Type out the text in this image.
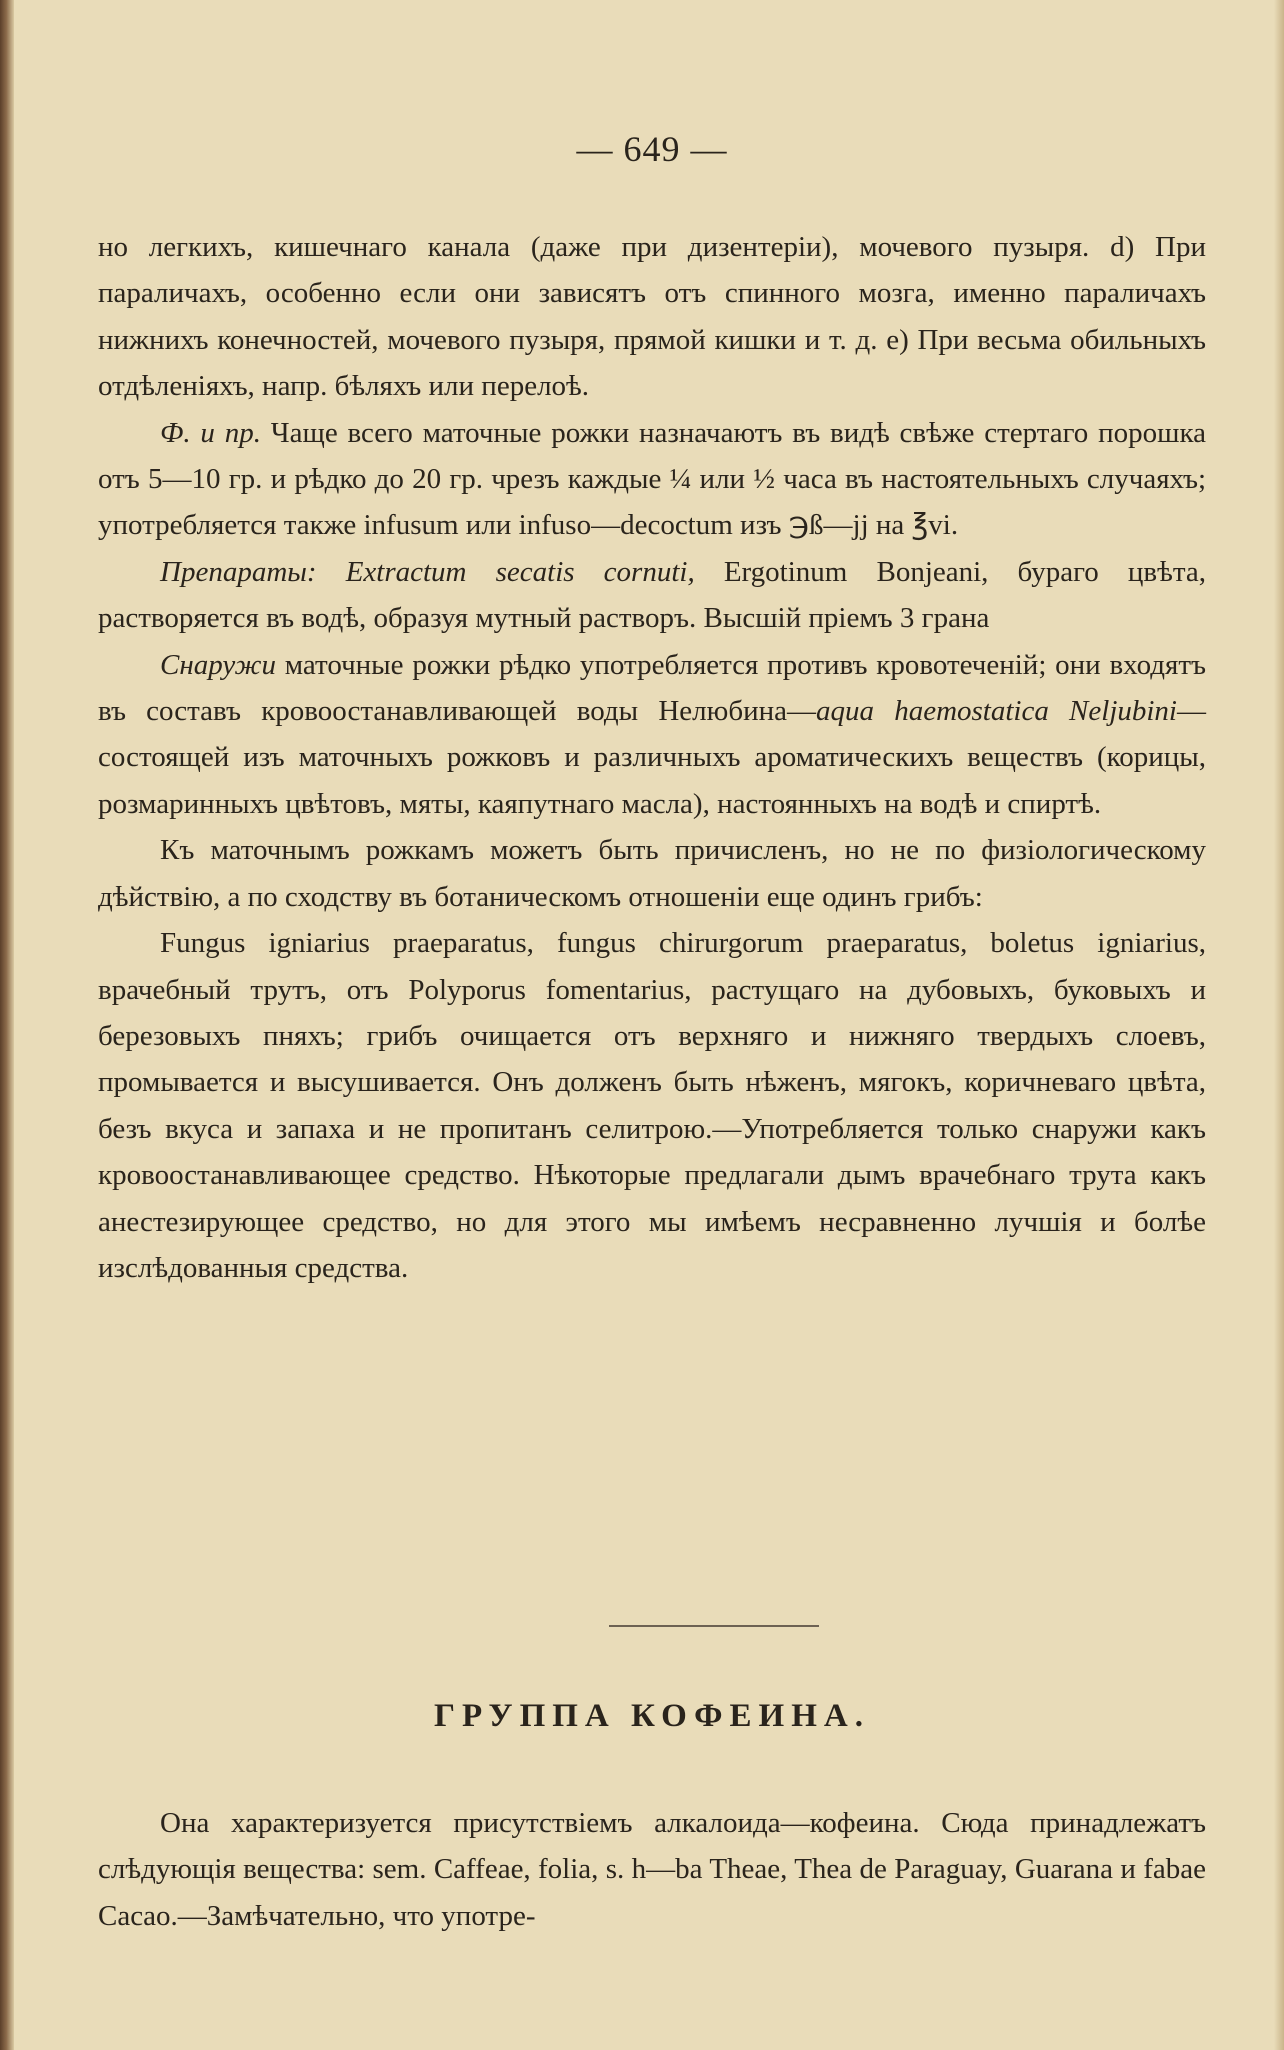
— 649 —

но легкихъ, кишечнаго канала (даже при дизентеріи), мочевого пузыря. d) При параличахъ, особенно если они зависятъ отъ спинного мозга, именно параличахъ нижнихъ конечностей, мочевого пузыря, прямой кишки и т. д. е) При весьма обильныхъ отдѣленіяхъ, напр. бѣляхъ или перелоѣ.

Ф. и пр. Чаще всего маточные рожки назначаютъ въ видѣ свѣже стертаго порошка отъ 5—10 гр. и рѣдко до 20 гр. чрезъ каждые ¼ или ½ часа въ настоятельныхъ случаяхъ; употребляется также infusum или infuso—decoctum изъ ℈ß—jj на ℥vi.

Препараты: Extractum secatis cornuti, Ergotinum Bonjeani, бураго цвѣта, растворяется въ водѣ, образуя мутный растворъ. Высшій пріемъ 3 грана

Снаружи маточные рожки рѣдко употребляется противъ кровотеченій; они входятъ въ составъ кровоостанавливающей воды Нелюбина—aqua haemostatica Neljubini—состоящей изъ маточныхъ рожковъ и различныхъ ароматическихъ веществъ (корицы, розмаринныхъ цвѣтовъ, мяты, каяпутнаго масла), настоянныхъ на водѣ и спиртѣ.

Къ маточнымъ рожкамъ можетъ быть причисленъ, но не по физіологическому дѣйствію, а по сходству въ ботаническомъ отношеніи еще одинъ грибъ:

Fungus igniarius praeparatus, fungus chirurgorum praeparatus, boletus igniarius, врачебный трутъ, отъ Polyporus fomentarius, растущаго на дубовыхъ, буковыхъ и березовыхъ пняхъ; грибъ очищается отъ верхняго и нижняго твердыхъ слоевъ, промывается и высушивается. Онъ долженъ быть нѣженъ, мягокъ, коричневаго цвѣта, безъ вкуса и запаха и не пропитанъ селитрою.—Употребляется только снаружи какъ кровоостанавливающее средство. Нѣкоторые предлагали дымъ врачебнаго трута какъ анестезирующее средство, но для этого мы имѣемъ несравненно лучшія и болѣе изслѣдованныя средства.

ГРУППА КОФЕИНА.

Она характеризуется присутствіемъ алкалоида—кофеина. Сюда принадлежатъ слѣдующія вещества: sem. Caffeae, folia, s. h—ba Theae, Thea de Paraguay, Guarana и fabae Cacao.—Замѣчательно, что употре-
